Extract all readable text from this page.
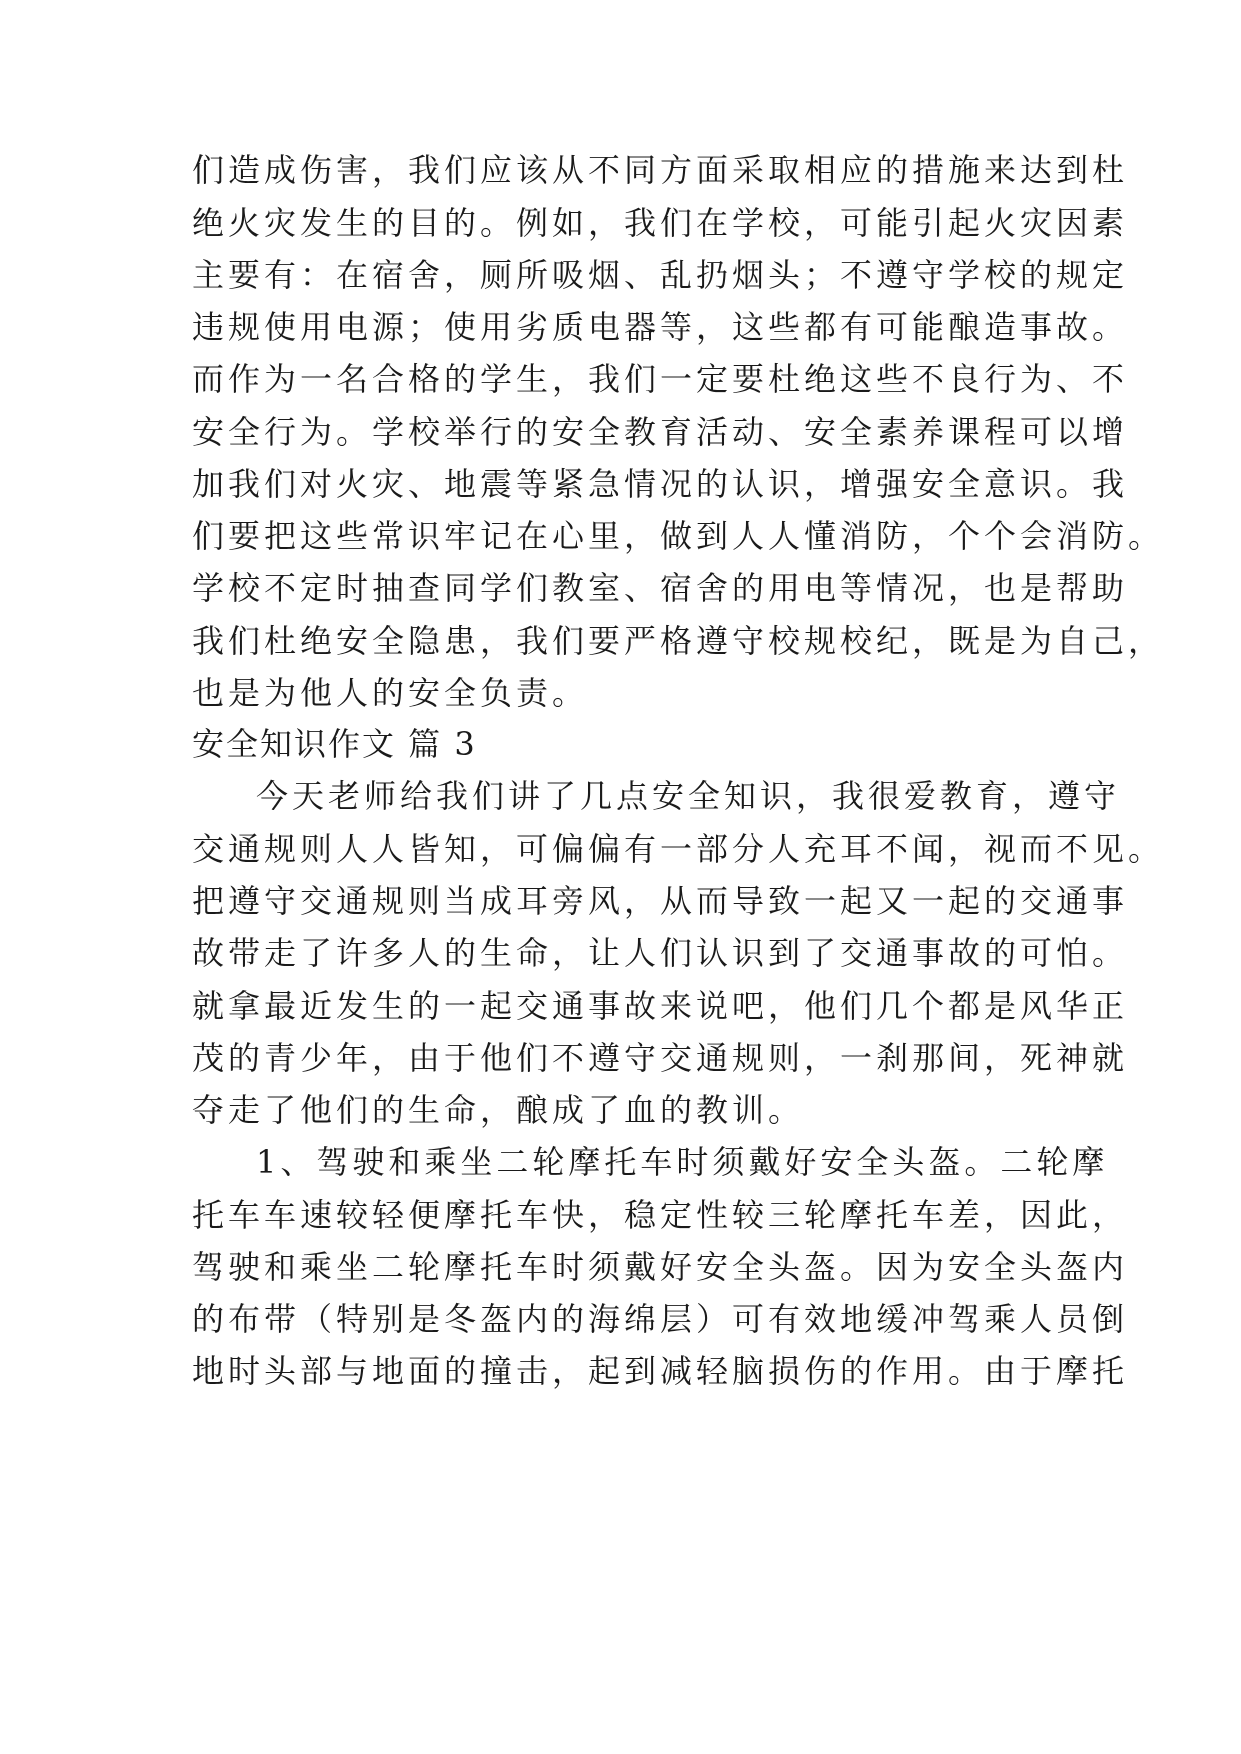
们造成伤害，我们应该从不同方面采取相应的措施来达到杜
绝火灾发生的目的。例如，我们在学校，可能引起火灾因素
主要有：在宿舍，厕所吸烟、乱扔烟头；不遵守学校的规定
违规使用电源；使用劣质电器等，这些都有可能酿造事故。
而作为一名合格的学生，我们一定要杜绝这些不良行为、不
安全行为。学校举行的安全教育活动、安全素养课程可以增
加我们对火灾、地震等紧急情况的认识，增强安全意识。我
们要把这些常识牢记在心里，做到人人懂消防，个个会消防。
学校不定时抽查同学们教室、宿舍的用电等情况，也是帮助
我们杜绝安全隐患，我们要严格遵守校规校纪，既是为自己，
也是为他人的安全负责。
安全知识作文 篇 3
今天老师给我们讲了几点安全知识，我很爱教育，遵守
交通规则人人皆知，可偏偏有一部分人充耳不闻，视而不见。
把遵守交通规则当成耳旁风，从而导致一起又一起的交通事
故带走了许多人的生命，让人们认识到了交通事故的可怕。
就拿最近发生的一起交通事故来说吧，他们几个都是风华正
茂的青少年，由于他们不遵守交通规则，一刹那间，死神就
夺走了他们的生命，酿成了血的教训。
1、驾驶和乘坐二轮摩托车时须戴好安全头盔。二轮摩
托车车速较轻便摩托车快，稳定性较三轮摩托车差，因此，
驾驶和乘坐二轮摩托车时须戴好安全头盔。因为安全头盔内
的布带（特别是冬盔内的海绵层）可有效地缓冲驾乘人员倒
地时头部与地面的撞击，起到减轻脑损伤的作用。由于摩托
